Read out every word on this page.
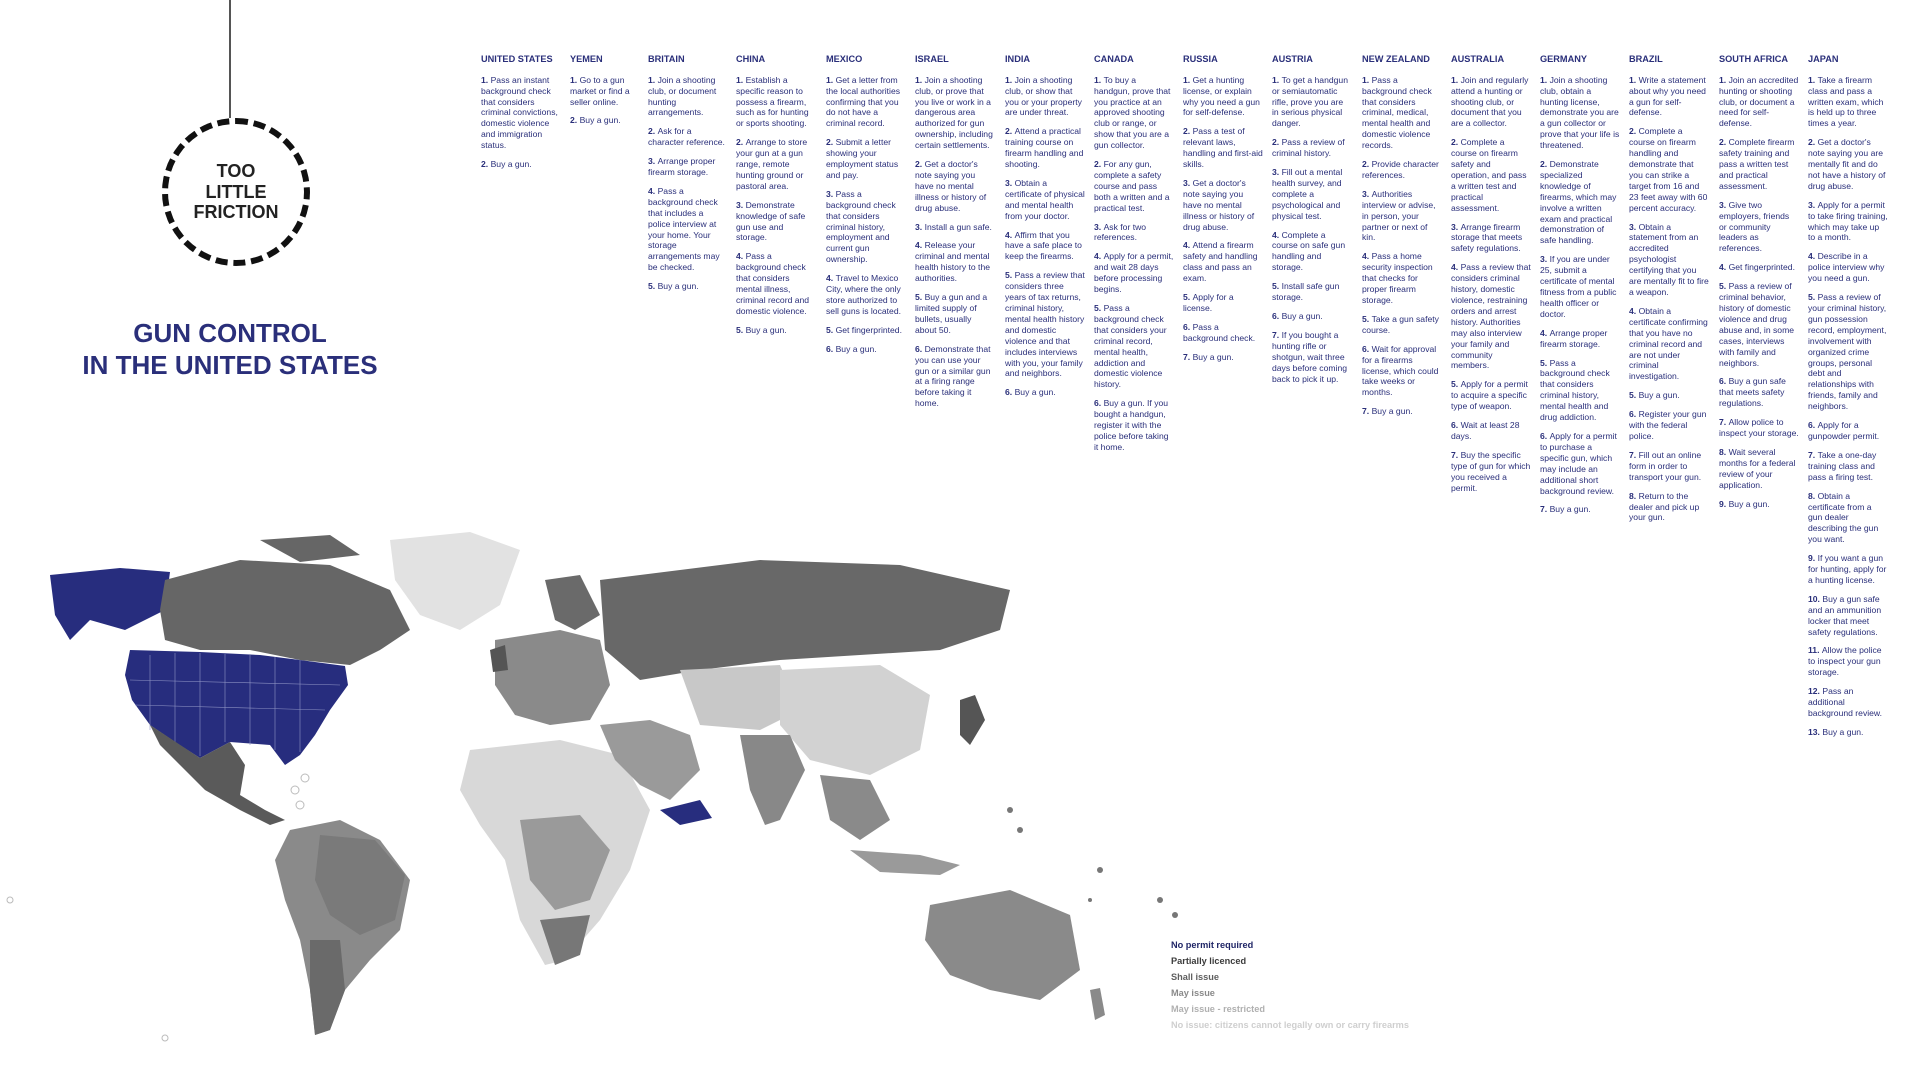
TOO LITTLE FRICTION
GUN CONTROL
IN THE UNITED STATES
UNITED STATES
1. Pass an instant background check that considers criminal convictions, domestic violence and immigration status.
2. Buy a gun.
YEMEN
1. Go to a gun market or find a seller online.
2. Buy a gun.
BRITAIN
1. Join a shooting club, or document hunting arrangements.
2. Ask for a character reference.
3. Arrange proper firearm storage.
4. Pass a background check that includes a police interview at your home. Your storage arrangements may be checked.
5. Buy a gun.
CHINA
1. Establish a specific reason to possess a firearm, such as for hunting or sports shooting.
2. Arrange to store your gun at a gun range, remote hunting ground or pastoral area.
3. Demonstrate knowledge of safe gun use and storage.
4. Pass a background check that considers mental illness, criminal record and domestic violence.
5. Buy a gun.
MEXICO
1. Get a letter from the local authorities confirming that you do not have a criminal record.
2. Submit a letter showing your employment status and pay.
3. Pass a background check that considers criminal history, employment and current gun ownership.
4. Travel to Mexico City, where the only store authorized to sell guns is located.
5. Get fingerprinted.
6. Buy a gun.
ISRAEL
1. Join a shooting club, or prove that you live or work in a dangerous area authorized for gun ownership, including certain settlements.
2. Get a doctor's note saying you have no mental illness or history of drug abuse.
3. Install a gun safe.
4. Release your criminal and mental health history to the authorities.
5. Buy a gun and a limited supply of bullets, usually about 50.
6. Demonstrate that you can use your gun or a similar gun at a firing range before taking it home.
INDIA
1. Join a shooting club, or show that you or your property are under threat.
2. Attend a practical training course on firearm handling and shooting.
3. Obtain a certificate of physical and mental health from your doctor.
4. Affirm that you have a safe place to keep the firearms.
5. Pass a review that considers three years of tax returns, criminal history, mental health history and domestic violence and that includes interviews with you, your family and neighbors.
6. Buy a gun.
CANADA
1. To buy a handgun, prove that you practice at an approved shooting club or range, or show that you are a gun collector.
2. For any gun, complete a safety course and pass both a written and a practical test.
3. Ask for two references.
4. Apply for a permit, and wait 28 days before processing begins.
5. Pass a background check that considers your criminal record, mental health, addiction and domestic violence history.
6. Buy a gun. If you bought a handgun, register it with the police before taking it home.
RUSSIA
1. Get a hunting license, or explain why you need a gun for self-defense.
2. Pass a test of relevant laws, handling and first-aid skills.
3. Get a doctor's note saying you have no mental illness or history of drug abuse.
4. Attend a firearm safety and handling class and pass an exam.
5. Apply for a license.
6. Pass a background check.
7. Buy a gun.
AUSTRIA
1. To get a handgun or semiautomatic rifle, prove you are in serious physical danger.
2. Pass a review of criminal history.
3. Fill out a mental health survey, and complete a psychological and physical test.
4. Complete a course on safe gun handling and storage.
5. Install safe gun storage.
6. Buy a gun.
7. If you bought a hunting rifle or shotgun, wait three days before coming back to pick it up.
NEW ZEALAND
1. Pass a background check that considers criminal, medical, mental health and domestic violence records.
2. Provide character references.
3. Authorities interview or advise, in person, your partner or next of kin.
4. Pass a home security inspection that checks for proper firearm storage.
5. Take a gun safety course.
6. Wait for approval for a firearms license, which could take weeks or months.
7. Buy a gun.
AUSTRALIA
1. Join and regularly attend a hunting or shooting club, or document that you are a collector.
2. Complete a course on firearm safety and operation, and pass a written test and practical assessment.
3. Arrange firearm storage that meets safety regulations.
4. Pass a review that considers criminal history, domestic violence, restraining orders and arrest history. Authorities may also interview your family and community members.
5. Apply for a permit to acquire a specific type of weapon.
6. Wait at least 28 days.
7. Buy the specific type of gun for which you received a permit.
GERMANY
1. Join a shooting club, obtain a hunting license, demonstrate you are a gun collector or prove that your life is threatened.
2. Demonstrate specialized knowledge of firearms, which may involve a written exam and practical demonstration of safe handling.
3. If you are under 25, submit a certificate of mental fitness from a public health officer or doctor.
4. Arrange proper firearm storage.
5. Pass a background check that considers criminal history, mental health and drug addiction.
6. Apply for a permit to purchase a specific gun, which may include an additional short background review.
7. Buy a gun.
BRAZIL
1. Write a statement about why you need a gun for self-defense.
2. Complete a course on firearm handling and demonstrate that you can strike a target from 16 and 23 feet away with 60 percent accuracy.
3. Obtain a statement from an accredited psychologist certifying that you are mentally fit to fire a weapon.
4. Obtain a certificate confirming that you have no criminal record and are not under criminal investigation.
5. Buy a gun.
6. Register your gun with the federal police.
7. Fill out an online form in order to transport your gun.
8. Return to the dealer and pick up your gun.
SOUTH AFRICA
1. Join an accredited hunting or shooting club, or document a need for self-defense.
2. Complete firearm safety training and pass a written test and practical assessment.
3. Give two employers, friends or community leaders as references.
4. Get fingerprinted.
5. Pass a review of criminal behavior, history of domestic violence and drug abuse and, in some cases, interviews with family and neighbors.
6. Buy a gun safe that meets safety regulations.
7. Allow police to inspect your storage.
8. Wait several months for a federal review of your application.
9. Buy a gun.
JAPAN
1. Take a firearm class and pass a written exam, which is held up to three times a year.
2. Get a doctor's note saying you are mentally fit and do not have a history of drug abuse.
3. Apply for a permit to take firing training, which may take up to a month.
4. Describe in a police interview why you need a gun.
5. Pass a review of your criminal history, gun possession record, employment, involvement with organized crime groups, personal debt and relationships with friends, family and neighbors.
6. Apply for a gunpowder permit.
7. Take a one-day training class and pass a firing test.
8. Obtain a certificate from a gun dealer describing the gun you want.
9. If you want a gun for hunting, apply for a hunting license.
10. Buy a gun safe and an ammunition locker that meet safety regulations.
11. Allow the police to inspect your gun storage.
12. Pass an additional background review.
13. Buy a gun.
No permit required
Partially licenced
Shall issue
May issue
May issue - restricted
No issue: citizens cannot legally own or carry firearms
